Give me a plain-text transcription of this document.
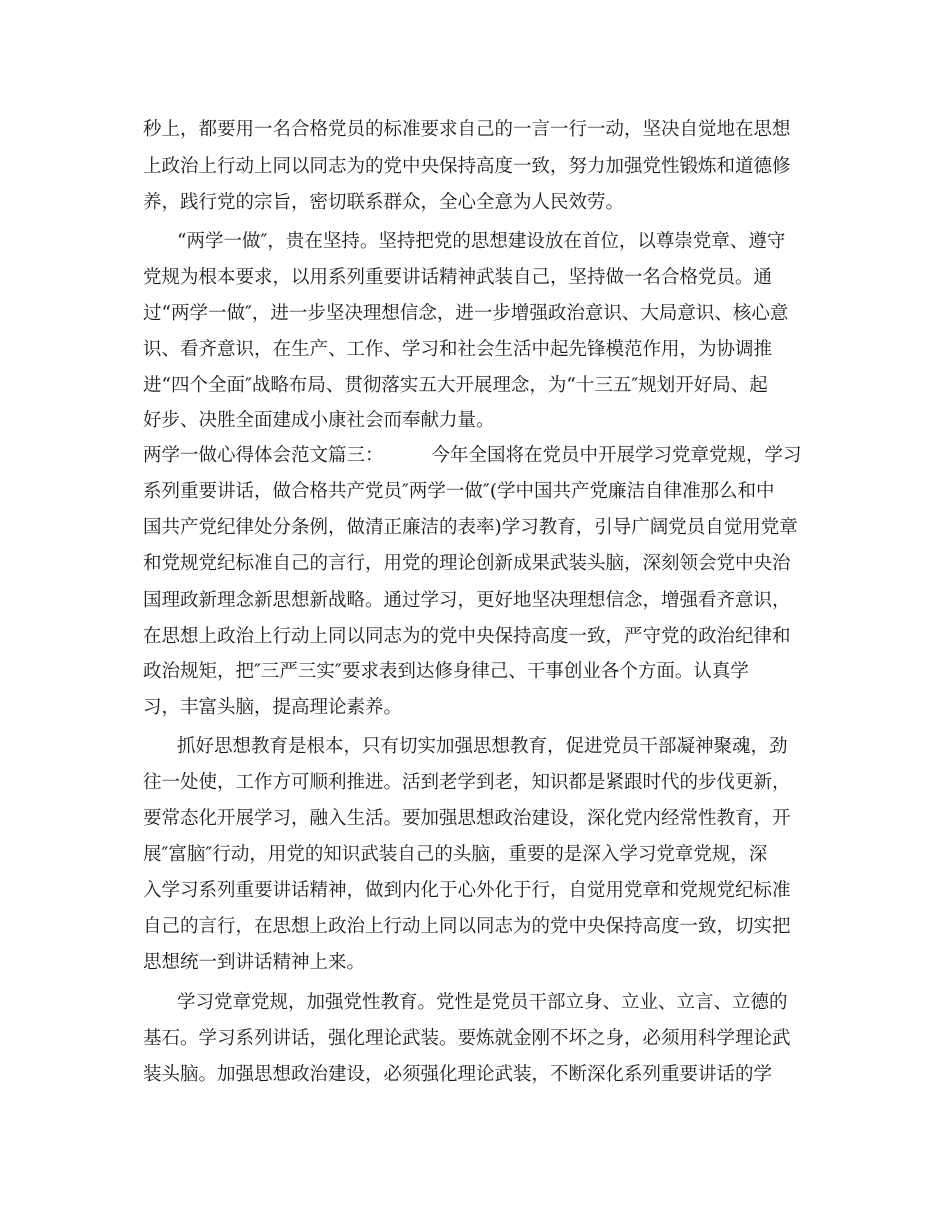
秒上，都要用一名合格党员的标准要求自己的一言一行一动，坚决自觉地在思想
上政治上行动上同以同志为的党中央保持高度一致，努力加强党性锻炼和道德修
养，践行党的宗旨，密切联系群众，全心全意为人民效劳。
“两学一做″，贵在坚持。坚持把党的思想建设放在首位，以尊崇党章、遵守
党规为根本要求，以用系列重要讲话精神武装自己，坚持做一名合格党员。通
过“两学一做″，进一步坚决理想信念，进一步增强政治意识、大局意识、核心意
识、看齐意识，在生产、工作、学习和社会生活中起先锋模范作用，为协调推
进“四个全面″战略布局、贯彻落实五大开展理念，为“十三五″规划开好局、起
好步、决胜全面建成小康社会而奉献力量。
两学一做心得体会范文篇三：	今年全国将在党员中开展学习党章党规，学习
系列重要讲话，做合格共产党员″两学一做″(学中国共产党廉洁自律准那么和中
国共产党纪律处分条例，做清正廉洁的表率)学习教育，引导广阔党员自觉用党章
和党规党纪标准自己的言行，用党的理论创新成果武装头脑，深刻领会党中央治
国理政新理念新思想新战略。通过学习，更好地坚决理想信念，增强看齐意识，
在思想上政治上行动上同以同志为的党中央保持高度一致，严守党的政治纪律和
政治规矩，把″三严三实″要求表到达修身律己、干事创业各个方面。认真学
习，丰富头脑，提高理论素养。
抓好思想教育是根本，只有切实加强思想教育，促进党员干部凝神聚魂，劲
往一处使，工作方可顺利推进。活到老学到老，知识都是紧跟时代的步伐更新，
要常态化开展学习，融入生活。要加强思想政治建设，深化党内经常性教育，开
展″富脑″行动，用党的知识武装自己的头脑，重要的是深入学习党章党规，深
入学习系列重要讲话精神，做到内化于心外化于行，自觉用党章和党规党纪标准
自己的言行，在思想上政治上行动上同以同志为的党中央保持高度一致，切实把
思想统一到讲话精神上来。
学习党章党规，加强党性教育。党性是党员干部立身、立业、立言、立德的
基石。学习系列讲话，强化理论武装。要炼就金刚不坏之身，必须用科学理论武
装头脑。加强思想政治建设，必须强化理论武装，不断深化系列重要讲话的学
